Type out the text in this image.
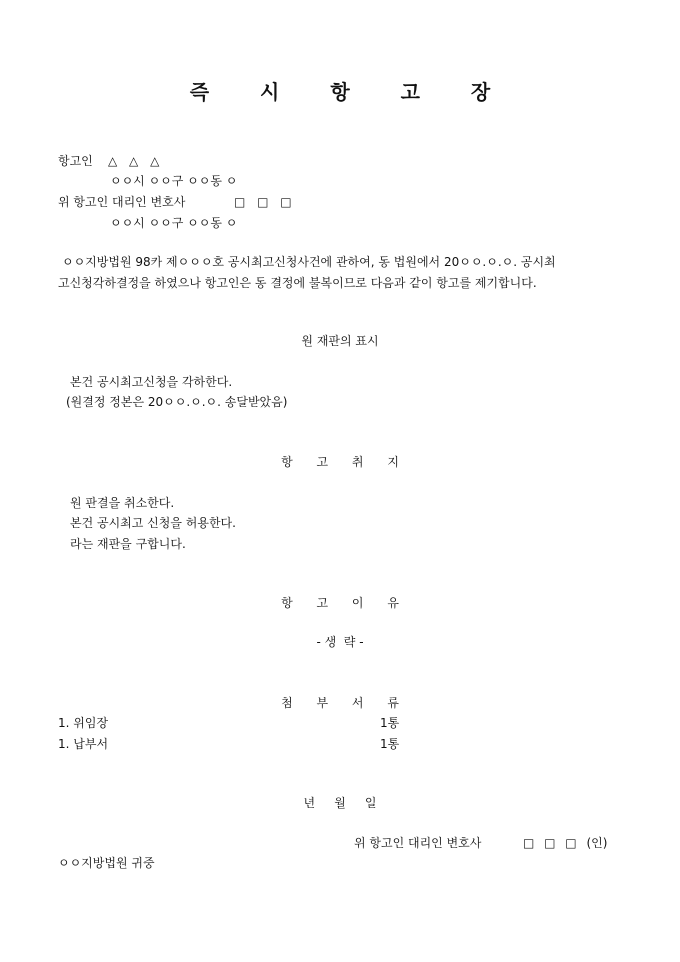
즉 시 항 고 장
항고인 △ △ △
ㅇㅇ시 ㅇㅇ구 ㅇㅇ동 ㅇ
위 항고인 대리인 변호사	□ □ □
ㅇㅇ시 ㅇㅇ구 ㅇㅇ동 ㅇ
ㅇㅇ지방법원 98카 제ㅇㅇㅇ호 공시최고신청사건에 관하여, 동 법원에서 20ㅇㅇ.ㅇ.ㅇ. 공시최
고신청각하결정을 하였으나 항고인은 동 결정에 불복이므로 다음과 같이 항고를 제기합니다.
원 재판의 표시
본건 공시최고신청을 각하한다.
(원결정 정본은 20ㅇㅇ.ㅇ.ㅇ. 송달받았음)
항 고 취 지
원 판결을 취소한다.
본건 공시최고 신청을 허용한다.
라는 재판을 구합니다.
항 고 이 유
- 생  략 -
첨 부 서 류
1. 위임장	1통
1. 납부서	1통
년     월     일
위 항고인 대리인 변호사	□ □ □ (인)
ㅇㅇ지방법원 귀중
